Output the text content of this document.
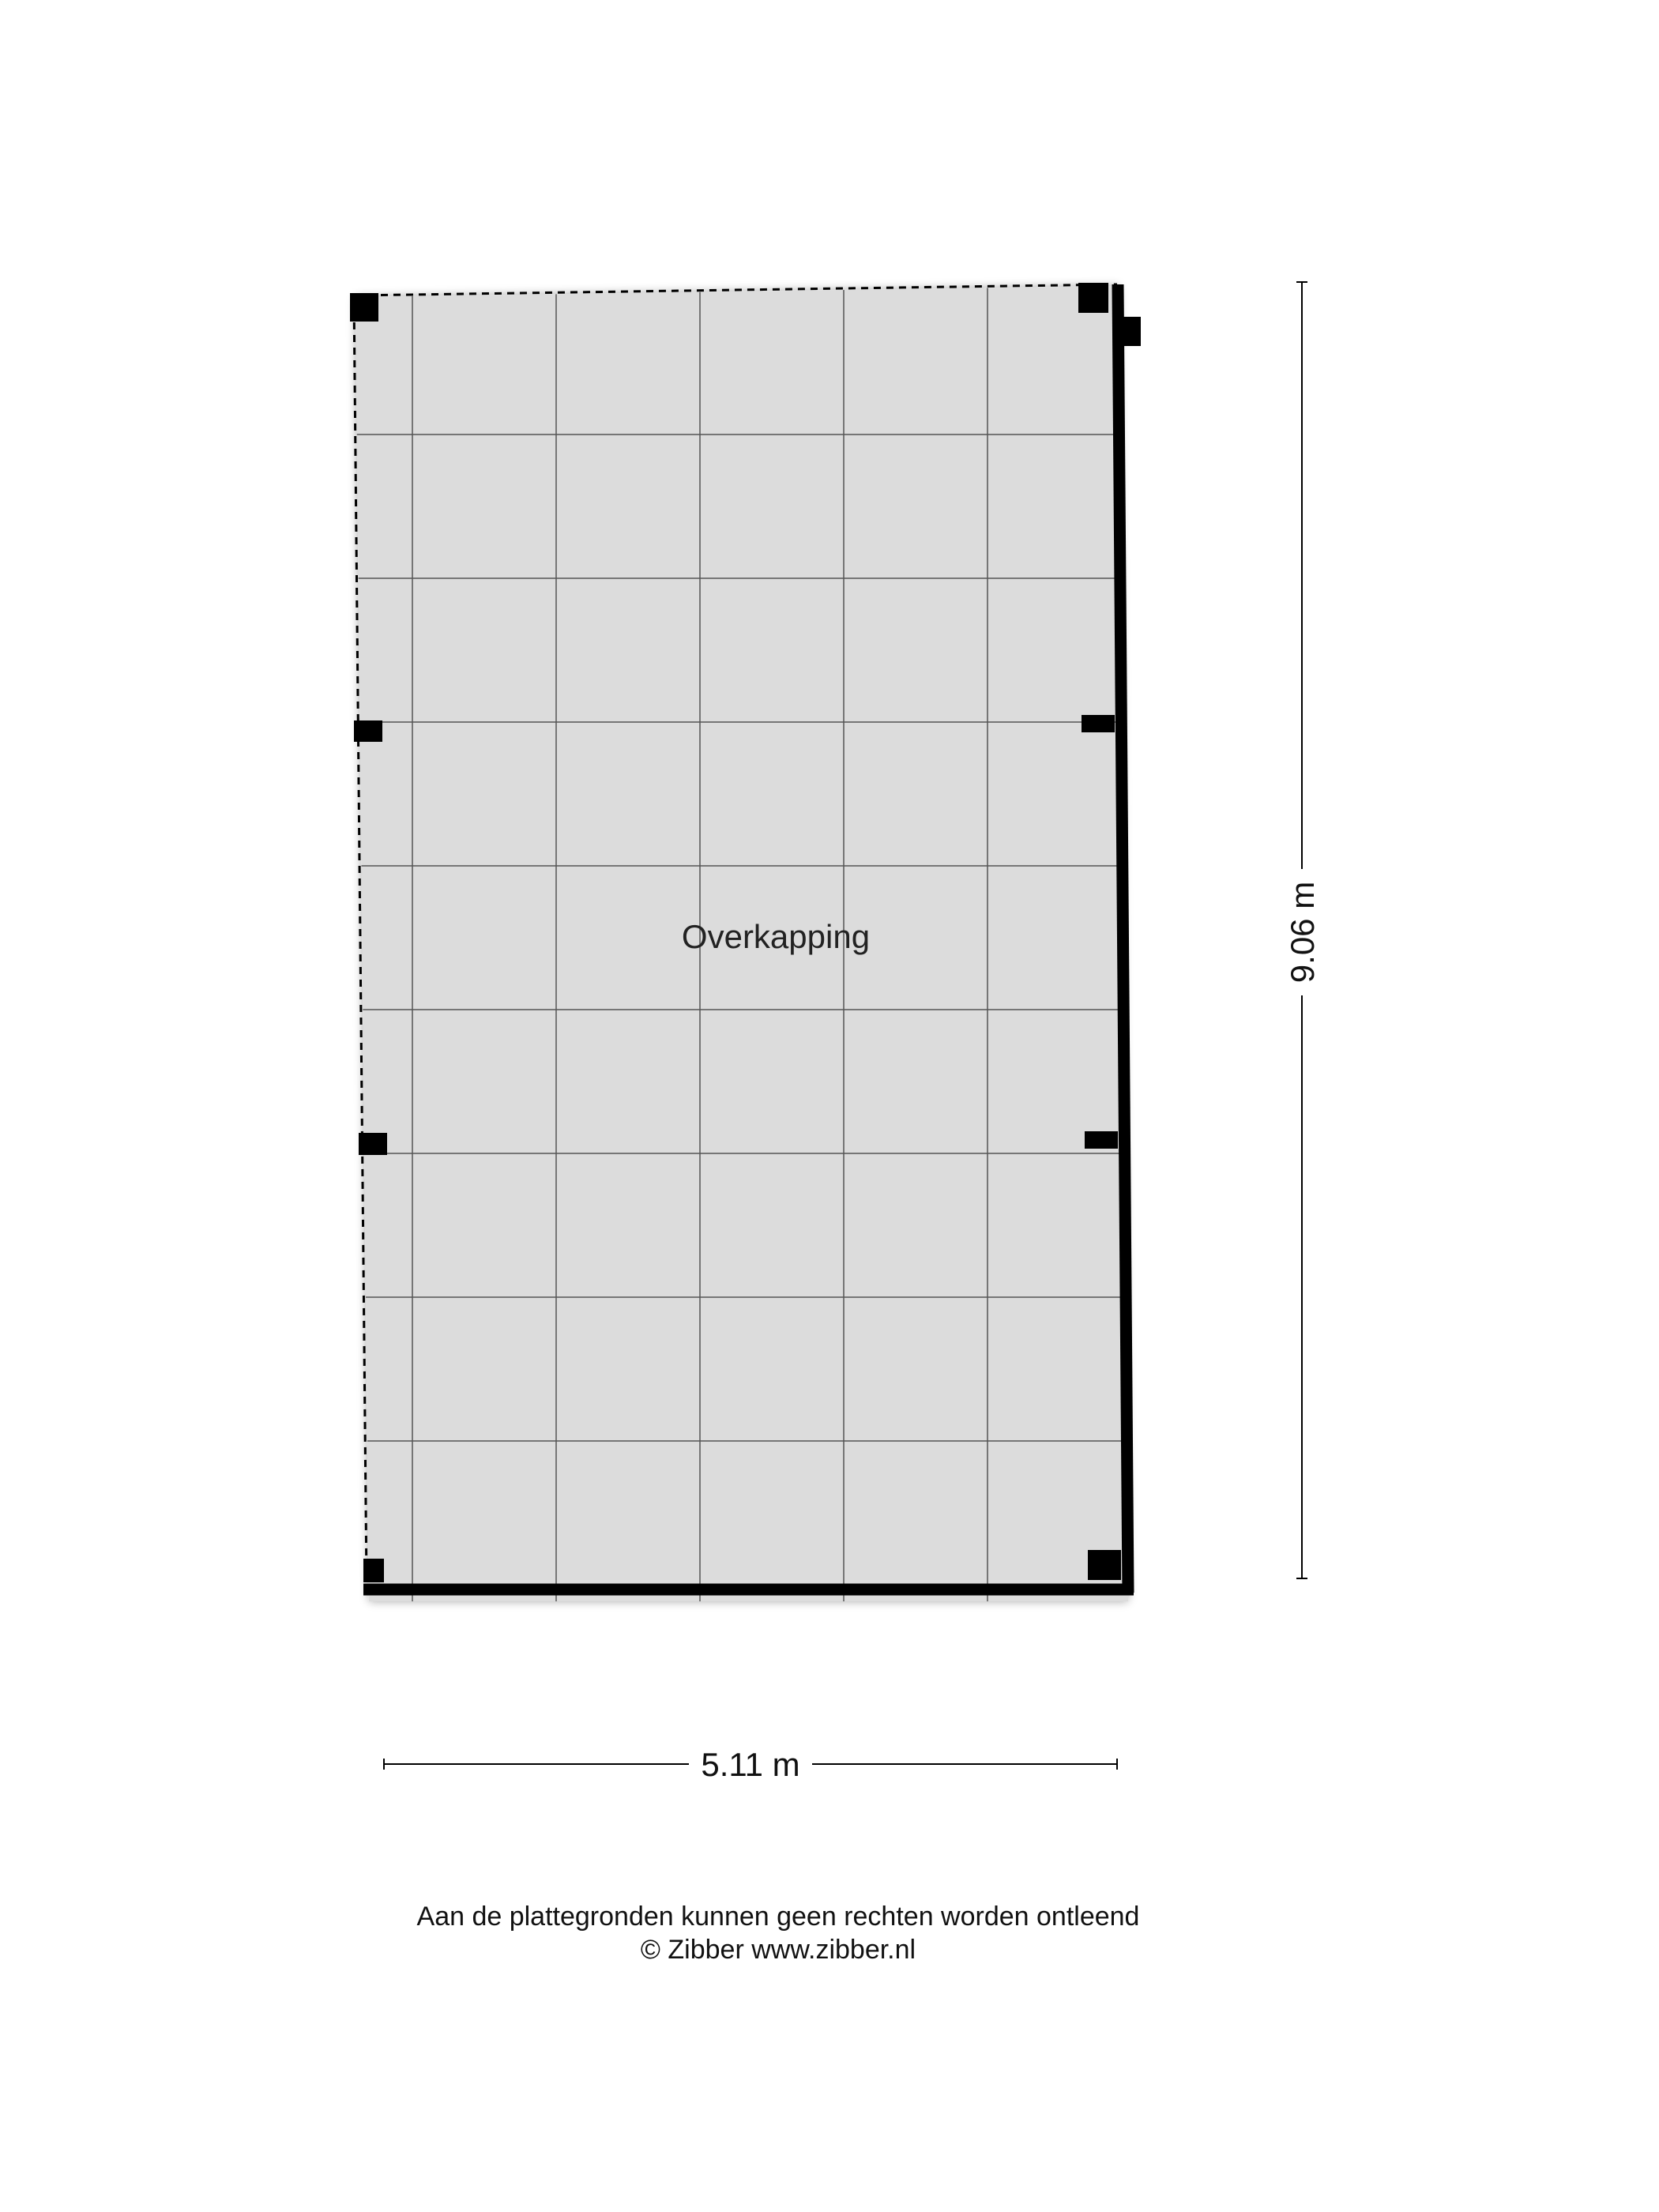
Overkapping	9.06 m
5.11 m
Aan de plattegronden kunnen geen rechten worden ontleend
© Zibber www.zibber.nl
